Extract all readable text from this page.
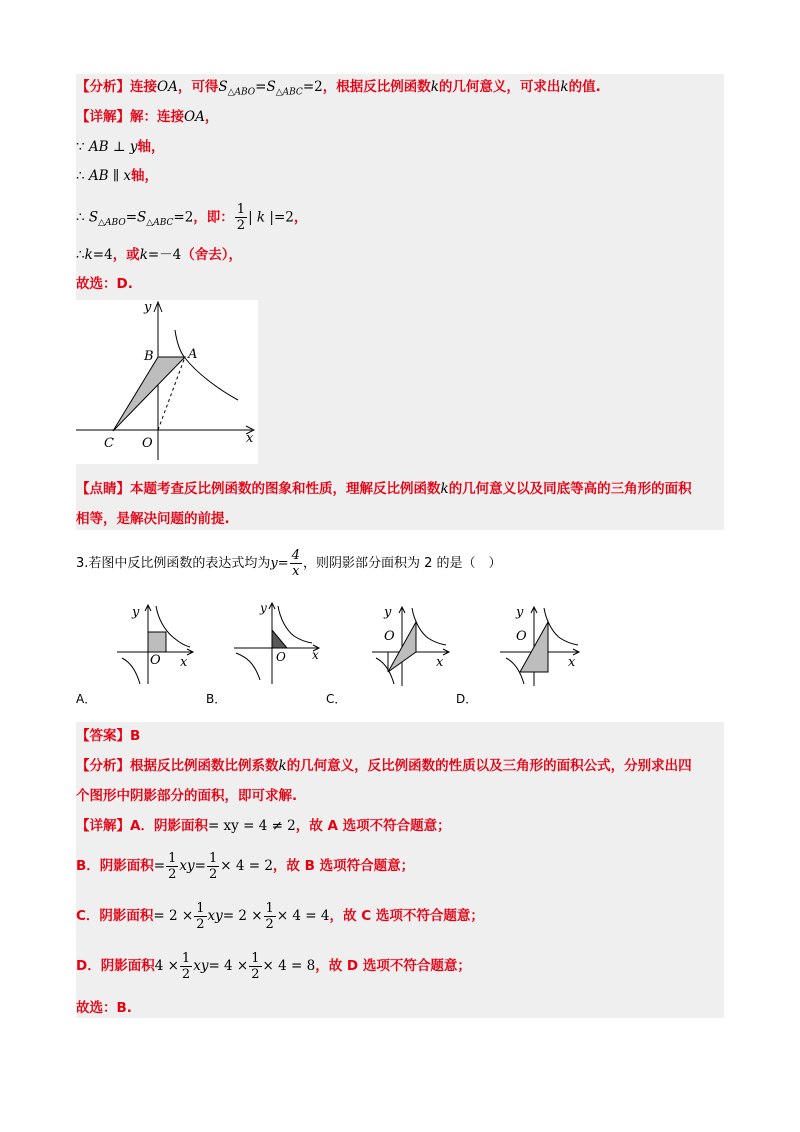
【分析】连接OA，可得$S_{\triangle ABO}=S_{\triangle ABC}=2$，根据反比例函数k的几何意义，可求出k的值.
【详解】解：连接OA，
∵ AB ⊥ y轴，
∴ AB ∥ x轴，
∴ $S_{\triangle ABO}=S_{\triangle ABC}=2$，即： $\frac{1}{2}$ | k |=2，
∴k=4，或k=－4（舍去），
故选：D.
y
B	A
C O	x
【点睛】本题考查反比例函数的图象和性质，理解反比例函数k的几何意义以及同底等高的三角形的面积
相等，是解决问题的前提.
3.若图中反比例函数的表达式均为$y= \frac{4}{x}$ ，则阴影部分面积为 2 的是（　）
y
O x
y
O x
y
O
x
y
O
x
A．	B．	C．	D．
【答案】B
【分析】根据反比例函数比例系数k的几何意义，反比例函数的性质以及三角形的面积公式，分别求出四
个图形中阴影部分的面积，即可求解.
【详解】A．阴影面积= xy = 4 ≠ 2，故 A 选项不符合题意；
B．阴影面积= $\frac{1}{2} xy= \frac{1}{2} \times 4 = 2$，故 B 选项符合题意；
C．阴影面积= $2 \times \frac{1}{2} xy= 2 \times \frac{1}{2} \times 4 = 4$，故 C 选项不符合题意；
D．阴影面积$4 \times \frac{1}{2} xy= 4 \times \frac{1}{2} \times 4 = 8$，故 D 选项不符合题意；
故选：B.
